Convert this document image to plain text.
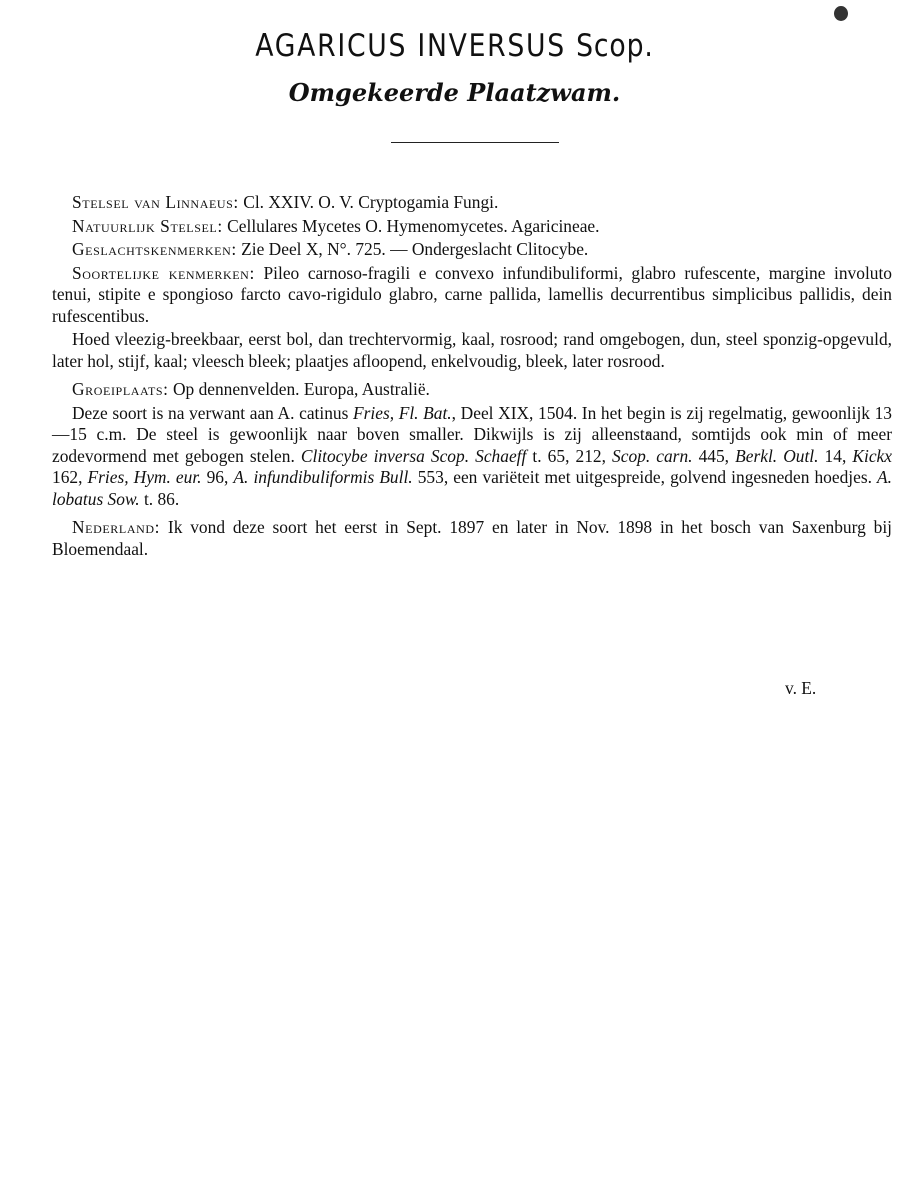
AGARICUS INVERSUS Scop.
Omgekeerde Plaatzwam.

Stelsel van Linnaeus: Cl. XXIV. O. V. Cryptogamia Fungi.

Natuurlijk Stelsel: Cellulares Mycetes O. Hymenomycetes. Agaricineae.

Geslachtskenmerken: Zie Deel X, N°. 725. — Ondergeslacht Clitocybe.

Soortelijke kenmerken: Pileo carnoso-fragili e convexo infundibuliformi, glabro rufescente, margine involuto tenui, stipite e spongioso farcto cavo-rigidulo glabro, carne pallida, lamellis decurrentibus simplicibus pallidis, dein rufescentibus.

Hoed vleezig-breekbaar, eerst bol, dan trechtervormig, kaal, rosrood; rand omgebogen, dun, steel sponzig-opgevuld, later hol, stijf, kaal; vleesch bleek; plaatjes afloopend, enkelvoudig, bleek, later rosrood.

Groeiplaats: Op dennenvelden. Europa, Australië.

Deze soort is na verwant aan A. catinus Fries, Fl. Bat., Deel XIX, 1504. In het begin is zij regelmatig, gewoonlijk 13—15 c.m. De steel is gewoonlijk naar boven smaller. Dikwijls is zij alleenstaand, somtijds ook min of meer zodevormend met gebogen stelen. Clitocybe inversa Scop. Schaeff t. 65, 212, Scop. carn. 445, Berkl. Outl. 14, Kickx 162, Fries, Hym. eur. 96, A. infundibuliformis Bull. 553, een variëteit met uitgespreide, golvend ingesneden hoedjes. A. lobatus Sow. t. 86.

Nederland: Ik vond deze soort het eerst in Sept. 1897 en later in Nov. 1898 in het bosch van Saxenburg bij Bloemendaal.

v. E.
